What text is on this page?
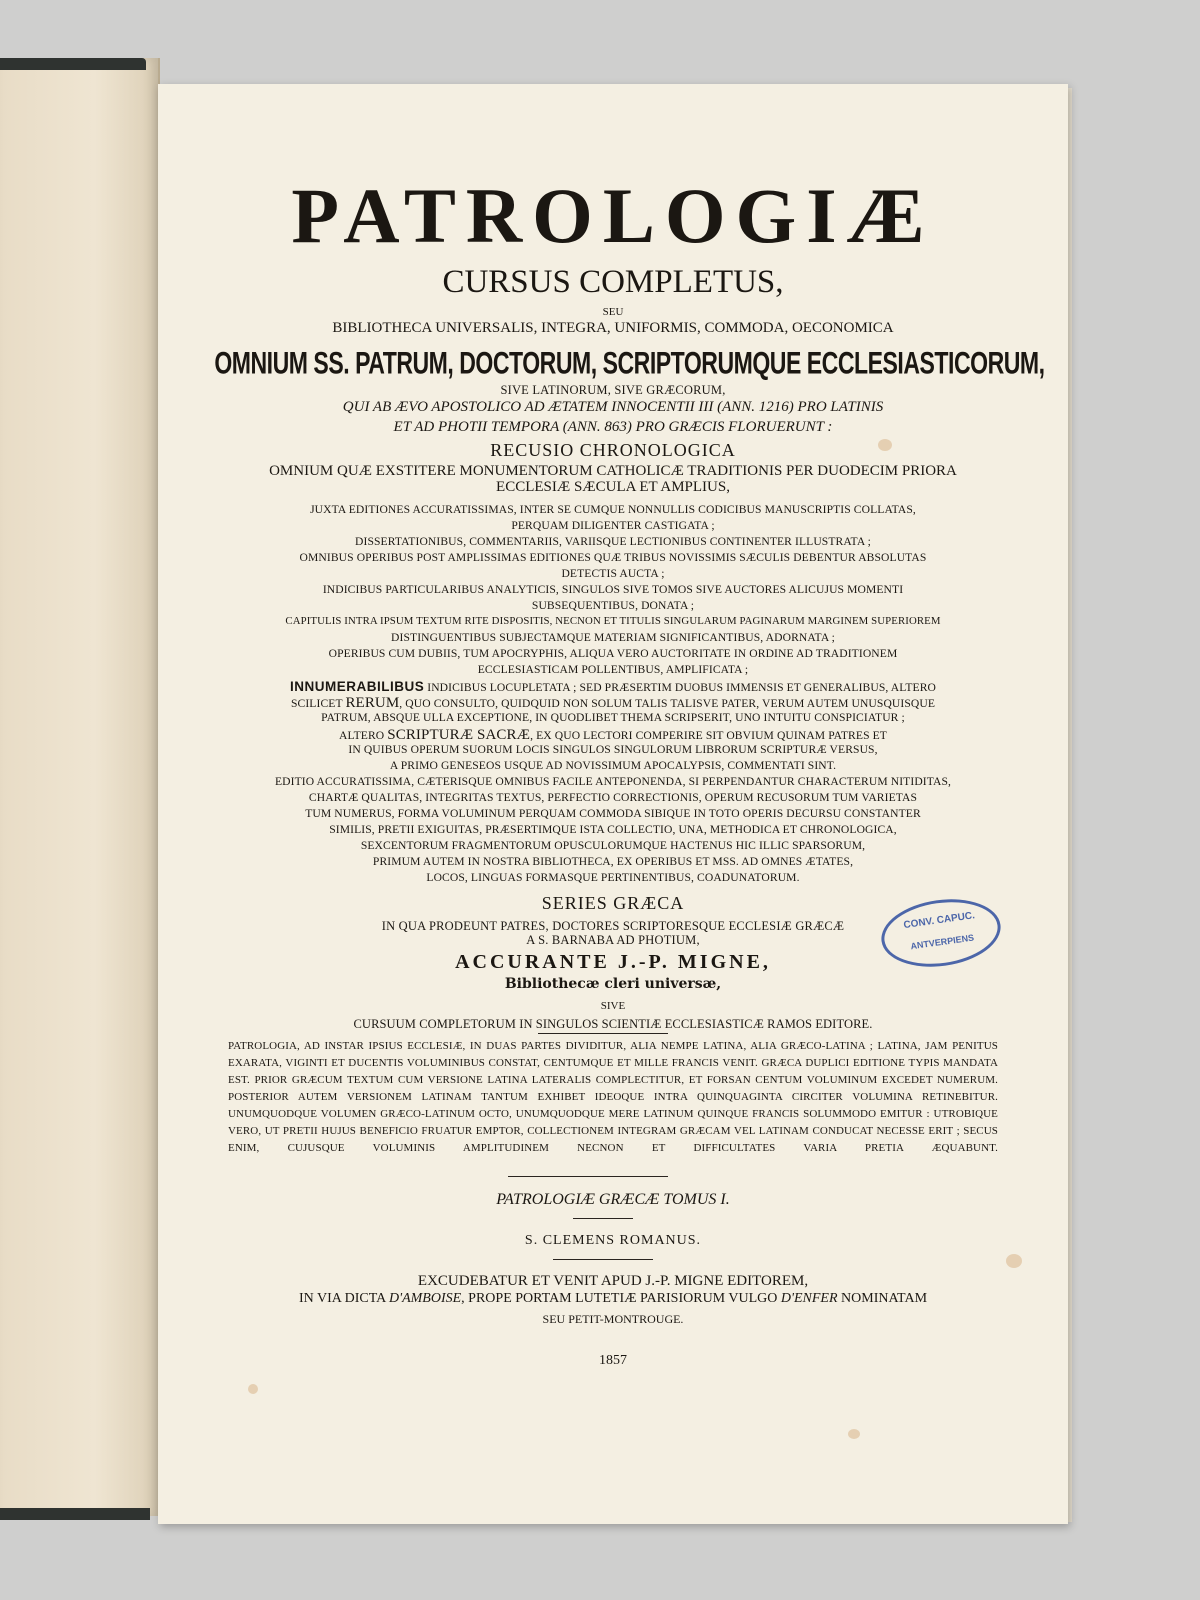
PATROLOGIÆ
CURSUS COMPLETUS,
SEU
BIBLIOTHECA UNIVERSALIS, INTEGRA, UNIFORMIS, COMMODA, OECONOMICA
OMNIUM SS. PATRUM, DOCTORUM, SCRIPTORUMQUE ECCLESIASTICORUM,
SIVE LATINORUM, SIVE GRÆCORUM,
QUI AB ÆVO APOSTOLICO AD ÆTATEM INNOCENTII III (ANN. 1216) PRO LATINIS
ET AD PHOTII TEMPORA (ANN. 863) PRO GRÆCIS FLORUERUNT :
RECUSIO CHRONOLOGICA
OMNIUM QUÆ EXSTITERE MONUMENTORUM CATHOLICÆ TRADITIONIS PER DUODECIM PRIORA
ECCLESIÆ SÆCULA ET AMPLIUS,
JUXTA EDITIONES ACCURATISSIMAS, INTER SE CUMQUE NONNULLIS CODICIBUS MANUSCRIPTIS COLLATAS,
PERQUAM DILIGENTER CASTIGATA ;
DISSERTATIONIBUS, COMMENTARIIS, VARIISQUE LECTIONIBUS CONTINENTER ILLUSTRATA ;
OMNIBUS OPERIBUS POST AMPLISSIMAS EDITIONES QUÆ TRIBUS NOVISSIMIS SÆCULIS DEBENTUR ABSOLUTAS
DETECTIS AUCTA ;
INDICIBUS PARTICULARIBUS ANALYTICIS, SINGULOS SIVE TOMOS SIVE AUCTORES ALICUJUS MOMENTI
SUBSEQUENTIBUS, DONATA ;
CAPITULIS INTRA IPSUM TEXTUM RITE DISPOSITIS, NECNON ET TITULIS SINGULARUM PAGINARUM MARGINEM SUPERIOREM
DISTINGUENTIBUS SUBJECTAMQUE MATERIAM SIGNIFICANTIBUS, ADORNATA ;
OPERIBUS CUM DUBIIS, TUM APOCRYPHIS, ALIQUA VERO AUCTORITATE IN ORDINE AD TRADITIONEM
ECCLESIASTICAM POLLENTIBUS, AMPLIFICATA ;
INNUMERABILIBUS INDICIBUS LOCUPLETATA ; SED PRÆSERTIM DUOBUS IMMENSIS ET GENERALIBUS, ALTERO
SCILICET RERUM, QUO CONSULTO, QUIDQUID NON SOLUM TALIS TALISVE PATER, VERUM AUTEM UNUSQUISQUE
PATRUM, ABSQUE ULLA EXCEPTIONE, IN QUODLIBET THEMA SCRIPSERIT, UNO INTUITU CONSPICIATUR ;
ALTERO SCRIPTURÆ SACRÆ, EX QUO LECTORI COMPERIRE SIT OBVIUM QUINAM PATRES ET
IN QUIBUS OPERUM SUORUM LOCIS SINGULOS SINGULORUM LIBRORUM SCRIPTURÆ VERSUS,
A PRIMO GENESEOS USQUE AD NOVISSIMUM APOCALYPSIS, COMMENTATI SINT.
EDITIO ACCURATISSIMA, CÆTERISQUE OMNIBUS FACILE ANTEPONENDA, SI PERPENDANTUR CHARACTERUM NITIDITAS,
CHARTÆ QUALITAS, INTEGRITAS TEXTUS, PERFECTIO CORRECTIONIS, OPERUM RECUSORUM TUM VARIETAS
TUM NUMERUS, FORMA VOLUMINUM PERQUAM COMMODA SIBIQUE IN TOTO OPERIS DECURSU CONSTANTER
SIMILIS, PRETII EXIGUITAS, PRÆSERTIMQUE ISTA COLLECTIO, UNA, METHODICA ET CHRONOLOGICA,
SEXCENTORUM FRAGMENTORUM OPUSCULORUMQUE HACTENUS HIC ILLIC SPARSORUM,
PRIMUM AUTEM IN NOSTRA BIBLIOTHECA, EX OPERIBUS ET MSS. AD OMNES ÆTATES,
LOCOS, LINGUAS FORMASQUE PERTINENTIBUS, COADUNATORUM.
SERIES GRÆCA
IN QUA PRODEUNT PATRES, DOCTORES SCRIPTORESQUE ECCLESIÆ GRÆCÆ
A S. BARNABA AD PHOTIUM,
ACCURANTE J.-P. MIGNE,
Bibliothecæ cleri universæ,
SIVE
CURSUUM COMPLETORUM IN SINGULOS SCIENTIÆ ECCLESIASTICÆ RAMOS EDITORE.
PATROLOGIA, AD INSTAR IPSIUS ECCLESIÆ, IN DUAS PARTES DIVIDITUR, ALIA NEMPE LATINA, ALIA GRÆCO-LATINA ; LATINA, JAM PENITUS EXARATA, VIGINTI ET DUCENTIS VOLUMINIBUS CONSTAT, CENTUMQUE ET MILLE FRANCIS VENIT. GRÆCA DUPLICI EDITIONE TYPIS MANDATA EST. PRIOR GRÆCUM TEXTUM CUM VERSIONE LATINA LATERALIS COMPLECTITUR, ET FORSAN CENTUM VOLUMINUM EXCEDET NUMERUM. POSTERIOR AUTEM VERSIONEM LATINAM TANTUM EXHIBET IDEOQUE INTRA QUINQUAGINTA CIRCITER VOLUMINA RETINEBITUR. UNUMQUODQUE VOLUMEN GRÆCO-LATINUM OCTO, UNUMQUODQUE MERE LATINUM QUINQUE FRANCIS SOLUMMODO EMITUR : UTROBIQUE VERO, UT PRETII HUJUS BENEFICIO FRUATUR EMPTOR, COLLECTIONEM INTEGRAM GRÆCAM VEL LATINAM CONDUCAT NECESSE ERIT ; SECUS ENIM, CUJUSQUE VOLUMINIS AMPLITUDINEM NECNON ET DIFFICULTATES VARIA PRETIA ÆQUABUNT.
PATROLOGIÆ GRÆCÆ TOMUS I.
S. CLEMENS ROMANUS.
EXCUDEBATUR ET VENIT APUD J.-P. MIGNE EDITOREM,
IN VIA DICTA D'AMBOISE, PROPE PORTAM LUTETIÆ PARISIORUM VULGO D'ENFER NOMINATAM
SEU PETIT-MONTROUGE.
1857
CONV. CAPUC.
ANTVERPIENS
